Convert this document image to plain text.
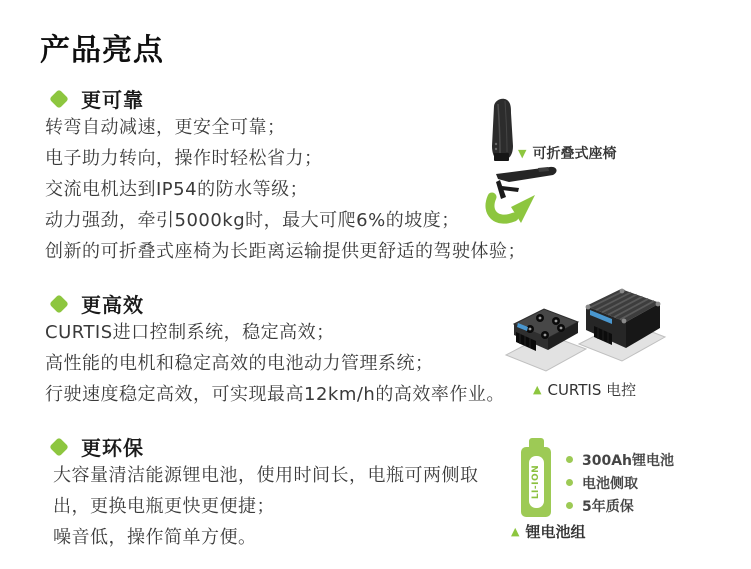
产品亮点
更可靠
转弯自动减速，更安全可靠；
电子助力转向，操作时轻松省力；
交流电机达到IP54的防水等级；
动力强劲，牵引5000kg时，最大可爬6%的坡度；
创新的可折叠式座椅为长距离运输提供更舒适的驾驶体验；
▼ 可折叠式座椅
更高效
CURTIS进口控制系统，稳定高效；
高性能的电机和稳定高效的电池动力管理系统；
行驶速度稳定高效，可实现最高12km/h的高效率作业。	▲ CURTIS 电控
更环保
大容量清洁能源锂电池，使用时间长，电瓶可两侧取
出，更换电瓶更快更便捷；
噪音低，操作简单方便。
LI-ION
300Ah锂电池
电池侧取
5年质保
▲ 锂电池组
